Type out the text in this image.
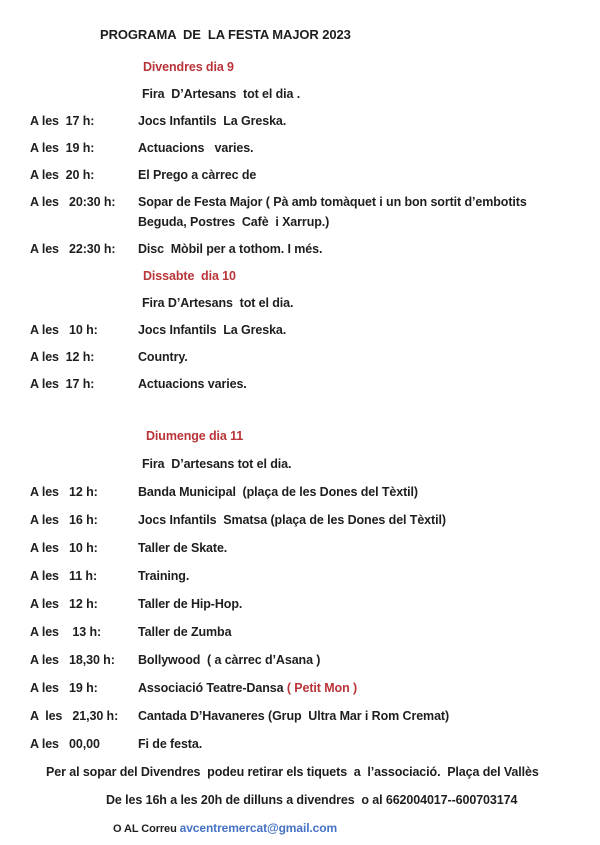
PROGRAMA  DE  LA FESTA MAJOR 2023
Divendres dia 9
Fira  D’Artesans  tot el dia .
A les  17 h:	Jocs Infantils  La Greska.
A les  19 h:	Actuacions   varies.
A les  20 h:	El Prego a càrrec de
A les   20:30 h:	Sopar de Festa Major ( Pà amb tomàquet i un bon sortit d’embotits
Beguda, Postres  Cafè  i Xarrup.)
A les   22:30 h:	Disc  Mòbil per a tothom. I més.
Dissabte  dia 10
Fira D’Artesans  tot el dia.
A les   10 h:	Jocs Infantils  La Greska.
A les  12 h:	Country.
A les  17 h:	Actuacions varies.
Diumenge dia 11
Fira  D’artesans tot el dia.
A les   12 h:	Banda Municipal  (plaça de les Dones del Tèxtil)
A les   16 h:	Jocs Infantils  Smatsa (plaça de les Dones del Tèxtil)
A les   10 h:	Taller de Skate.
A les   11 h:	Training.
A les   12 h:	Taller de Hip-Hop.
A les    13 h:	Taller de Zumba
A les   18,30 h:	Bollywood  ( a càrrec d’Asana )
A les   19 h:	Associació Teatre-Dansa ( Petit Mon )
A  les   21,30 h:	Cantada D’Havaneres (Grup  Ultra Mar i Rom Cremat)
A les   00,00	Fi de festa.
Per al sopar del Divendres  podeu retirar els tiquets  a  l’associació.  Plaça del Vallès
De les 16h a les 20h de dilluns a divendres  o al 662004017--600703174
O AL Correu avcentremercat@gmail.com
